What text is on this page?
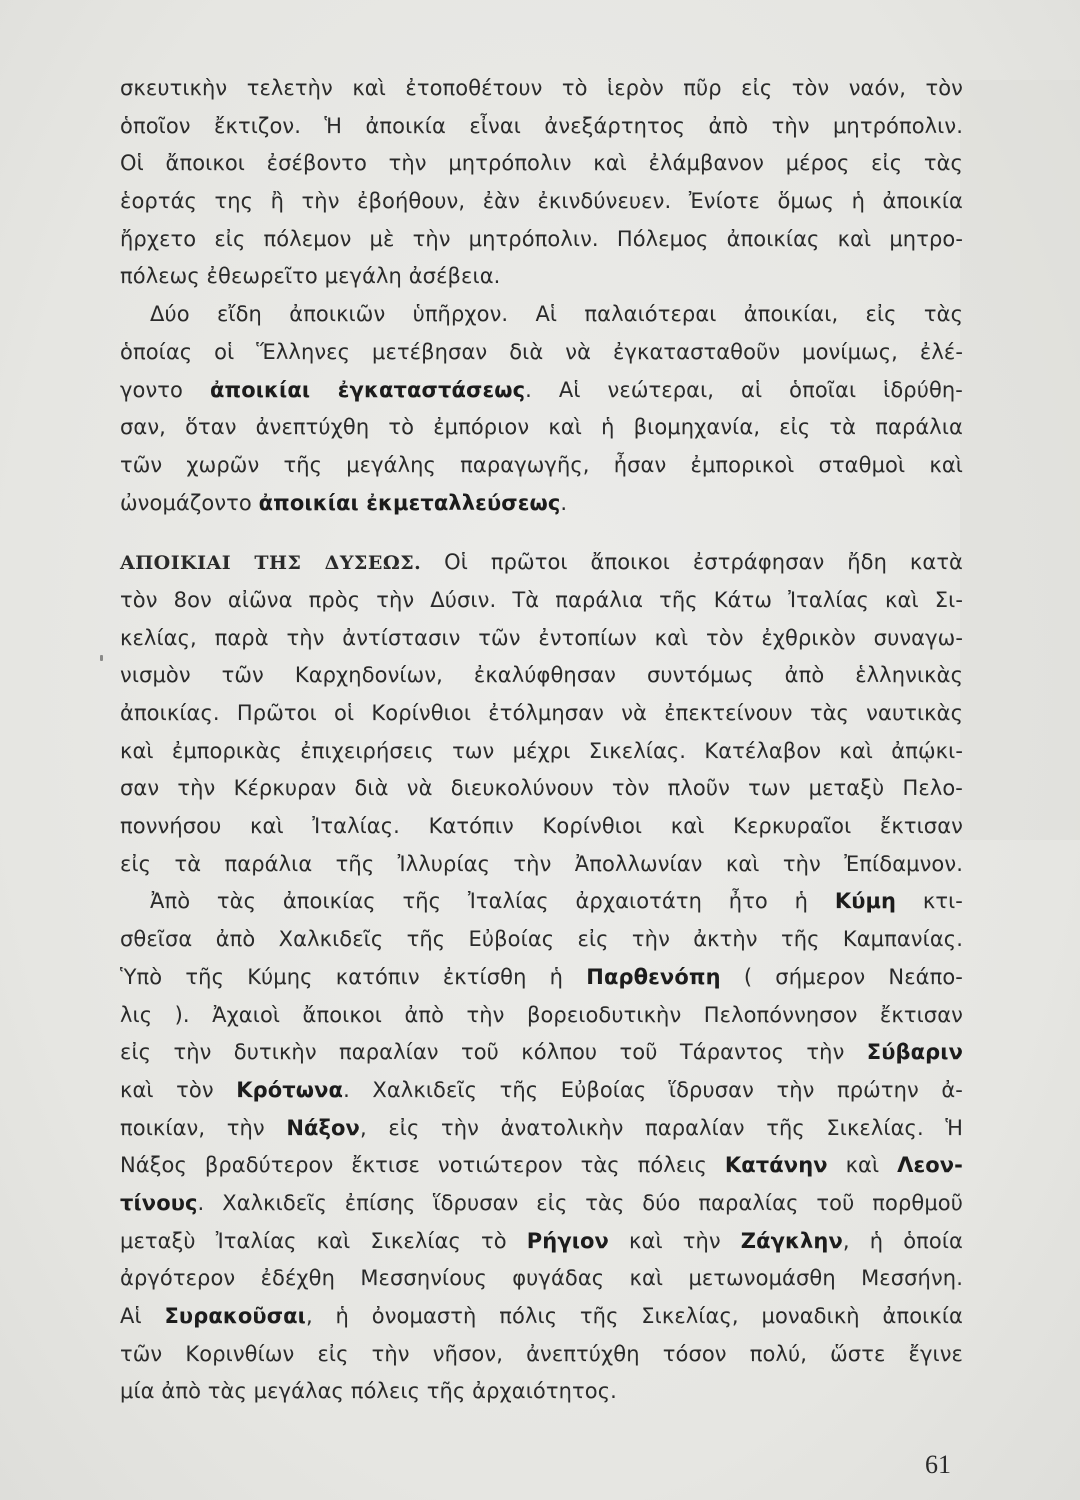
σκευτικὴν τελετὴν καὶ ἐτοποθέτουν τὸ ἱερὸν πῦρ εἰς τὸν ναόν, τὸν
ὁποῖον ἔκτιζον. Ἡ ἀποικία εἶναι ἀνεξάρτητος ἀπὸ τὴν μητρόπολιν.
Οἱ ἄποικοι ἐσέβοντο τὴν μητρόπολιν καὶ ἐλάμβανον μέρος εἰς τὰς
ἑορτάς της ἢ τὴν ἐβοήθουν, ἐὰν ἐκινδύνευεν. Ἐνίοτε ὅμως ἡ ἀποικία
ἤρχετο εἰς πόλεμον μὲ τὴν μητρόπολιν. Πόλεμος ἀποικίας καὶ μητρο-
πόλεως ἐθεωρεῖτο μεγάλη ἀσέβεια.
Δύο εἴδη ἀποικιῶν ὑπῆρχον. Αἱ παλαιότεραι ἀποικίαι, εἰς τὰς
ὁποίας οἱ Ἕλληνες μετέβησαν διὰ νὰ ἐγκατασταθοῦν μονίμως, ἐλέ-
γοντο ἀποικίαι ἐγκαταστάσεως. Αἱ νεώτεραι, αἱ ὁποῖαι ἱδρύθη-
σαν, ὅταν ἀνεπτύχθη τὸ ἐμπόριον καὶ ἡ βιομηχανία, εἰς τὰ παράλια
τῶν χωρῶν τῆς μεγάλης παραγωγῆς, ἦσαν ἐμπορικοὶ σταθμοὶ καὶ
ὠνομάζοντο ἀποικίαι ἐκμεταλλεύσεως.
ΑΠΟΙΚΙΑΙ ΤΗΣ ΔΥΣΕΩΣ. Οἱ πρῶτοι ἄποικοι ἐστράφησαν ἤδη κατὰ
τὸν 8ον αἰῶνα πρὸς τὴν Δύσιν. Τὰ παράλια τῆς Κάτω Ἰταλίας καὶ Σι-
κελίας, παρὰ τὴν ἀντίστασιν τῶν ἐντοπίων καὶ τὸν ἐχθρικὸν συναγω-
νισμὸν τῶν Καρχηδονίων, ἐκαλύφθησαν συντόμως ἀπὸ ἑλληνικὰς
ἀποικίας. Πρῶτοι οἱ Κορίνθιοι ἐτόλμησαν νὰ ἐπεκτείνουν τὰς ναυτικὰς
καὶ ἐμπορικὰς ἐπιχειρήσεις των μέχρι Σικελίας. Κατέλαβον καὶ ἀπῴκι-
σαν τὴν Κέρκυραν διὰ νὰ διευκολύνουν τὸν πλοῦν των μεταξὺ Πελο-
ποννήσου καὶ Ἰταλίας. Κατόπιν Κορίνθιοι καὶ Κερκυραῖοι ἔκτισαν
εἰς τὰ παράλια τῆς Ἰλλυρίας τὴν Ἀπολλωνίαν καὶ τὴν Ἐπίδαμνον.
Ἀπὸ τὰς ἀποικίας τῆς Ἰταλίας ἀρχαιοτάτη ἦτο ἡ Κύμη κτι-
σθεῖσα ἀπὸ Χαλκιδεῖς τῆς Εὐβοίας εἰς τὴν ἀκτὴν τῆς Καμπανίας.
Ὑπὸ τῆς Κύμης κατόπιν ἐκτίσθη ἡ Παρθενόπη ( σήμερον Νεάπο-
λις ). Ἀχαιοὶ ἄποικοι ἀπὸ τὴν βορειοδυτικὴν Πελοπόννησον ἔκτισαν
εἰς τὴν δυτικὴν παραλίαν τοῦ κόλπου τοῦ Τάραντος τὴν Σύβαριν
καὶ τὸν Κρότωνα. Χαλκιδεῖς τῆς Εὐβοίας ἵδρυσαν τὴν πρώτην ἀ-
ποικίαν, τὴν Νάξον, εἰς τὴν ἀνατολικὴν παραλίαν τῆς Σικελίας. Ἡ
Νάξος βραδύτερον ἔκτισε νοτιώτερον τὰς πόλεις Κατάνην καὶ Λεον-
τίνους. Χαλκιδεῖς ἐπίσης ἵδρυσαν εἰς τὰς δύο παραλίας τοῦ πορθμοῦ
μεταξὺ Ἰταλίας καὶ Σικελίας τὸ Ρήγιον καὶ τὴν Ζάγκλην, ἡ ὁποία
ἀργότερον ἐδέχθη Μεσσηνίους φυγάδας καὶ μετωνομάσθη Μεσσήνη.
Αἱ Συρακοῦσαι, ἡ ὀνομαστὴ πόλις τῆς Σικελίας, μοναδικὴ ἀποικία
τῶν Κορινθίων εἰς τὴν νῆσον, ἀνεπτύχθη τόσον πολύ, ὥστε ἔγινε
μία ἀπὸ τὰς μεγάλας πόλεις τῆς ἀρχαιότητος.
61
